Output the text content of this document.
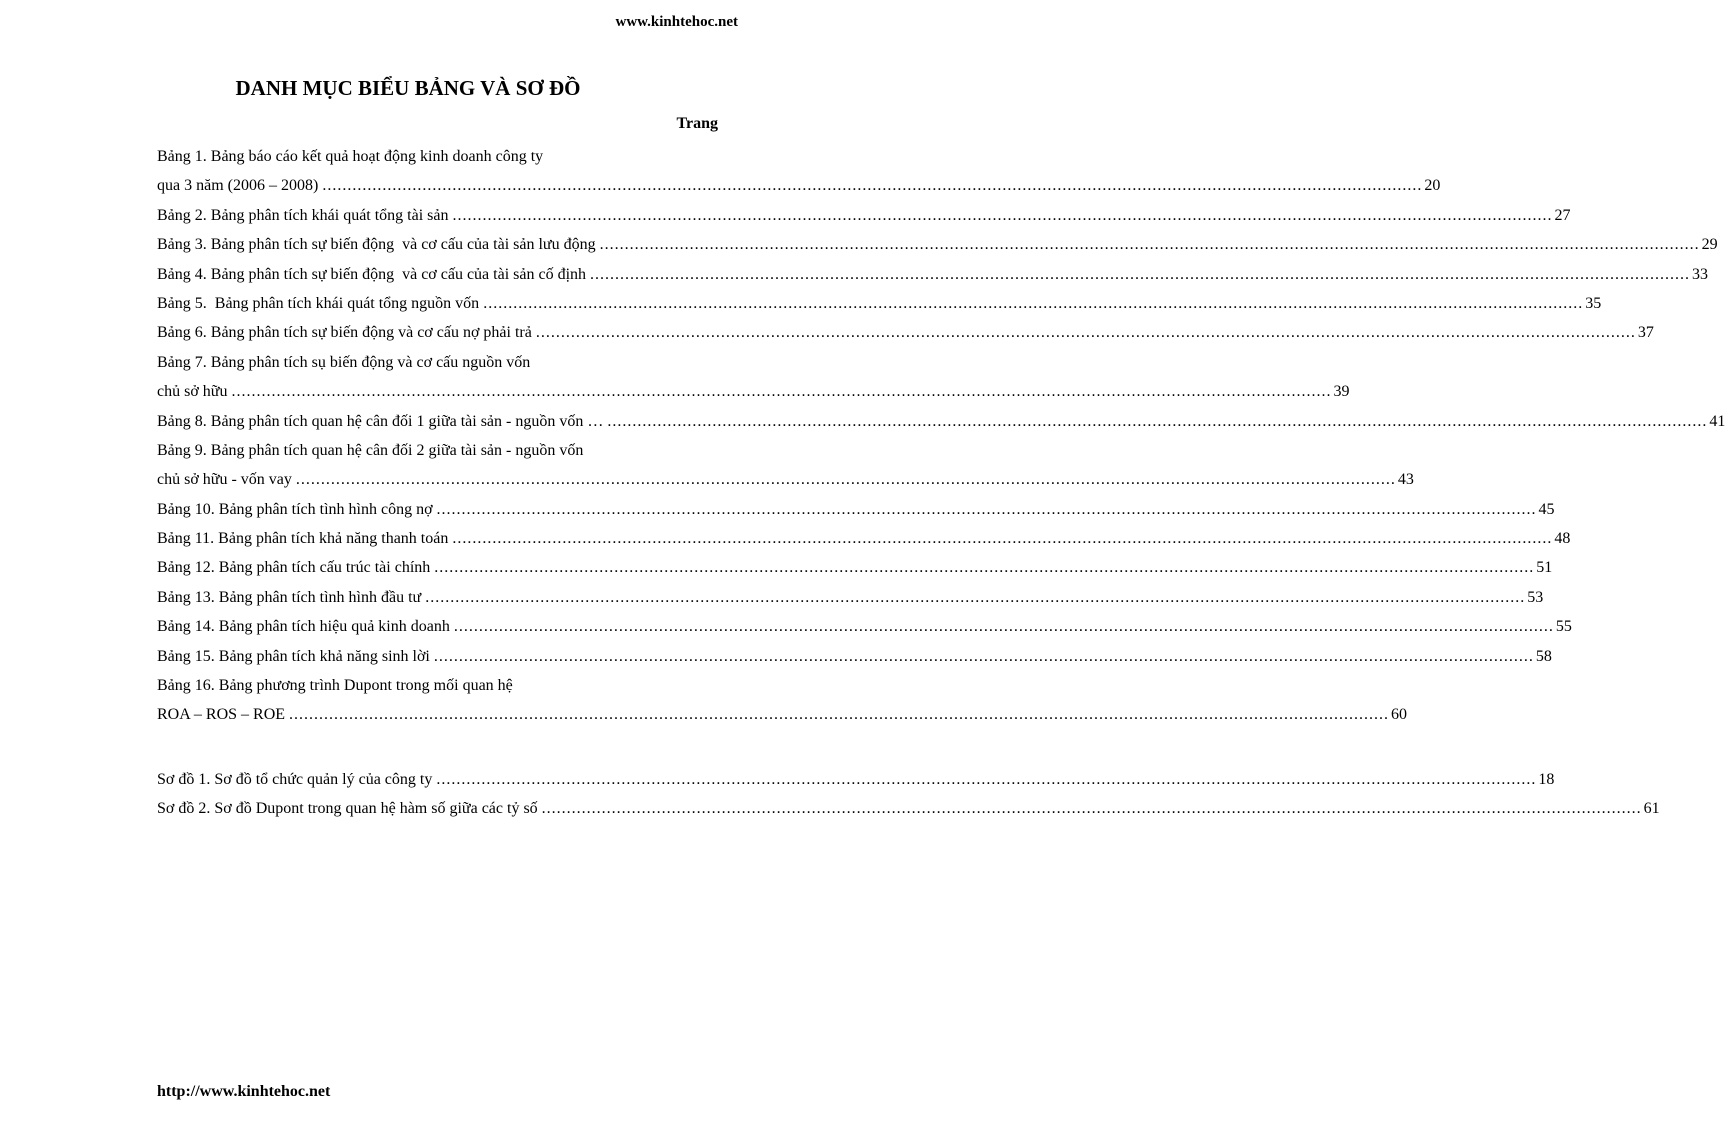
www.kinhtehoc.net
DANH MỤC BIỂU BẢNG VÀ SƠ ĐỒ
Trang
Bảng 1. Bảng báo cáo kết quả hoạt động kinh doanh công ty
qua 3 năm (2006 – 2008) ............................................................................................................................................................................................................................ 20
Bảng 2. Bảng phân tích khái quát tổng tài sản ............................................................................................................................................................................................................................ 27
Bảng 3. Bảng phân tích sự biến động  và cơ cấu của tài sản lưu động ............................................................................................................................................................................................................................ 29
Bảng 4. Bảng phân tích sự biến động  và cơ cấu của tài sản cố định ............................................................................................................................................................................................................................ 33
Bảng 5.  Bảng phân tích khái quát tổng nguồn vốn ............................................................................................................................................................................................................................ 35
Bảng 6. Bảng phân tích sự biến động và cơ cấu nợ phải trả ............................................................................................................................................................................................................................ 37
Bảng 7. Bảng phân tích sụ biến động và cơ cấu nguồn vốn
chủ sở hữu ............................................................................................................................................................................................................................ 39
Bảng 8. Bảng phân tích quan hệ cân đối 1 giữa tài sản - nguồn vốn … ............................................................................................................................................................................................................................ 41
Bảng 9. Bảng phân tích quan hệ cân đối 2 giữa tài sản - nguồn vốn
chủ sở hữu - vốn vay ............................................................................................................................................................................................................................ 43
Bảng 10. Bảng phân tích tình hình công nợ ............................................................................................................................................................................................................................ 45
Bảng 11. Bảng phân tích khả năng thanh toán ............................................................................................................................................................................................................................ 48
Bảng 12. Bảng phân tích cấu trúc tài chính ............................................................................................................................................................................................................................ 51
Bảng 13. Bảng phân tích tình hình đầu tư ............................................................................................................................................................................................................................ 53
Bảng 14. Bảng phân tích hiệu quả kinh doanh ............................................................................................................................................................................................................................ 55
Bảng 15. Bảng phân tích khả năng sinh lời ............................................................................................................................................................................................................................ 58
Bảng 16. Bảng phương trình Dupont trong mối quan hệ
ROA – ROS – ROE ............................................................................................................................................................................................................................ 60
Sơ đồ 1. Sơ đồ tổ chức quản lý của công ty ............................................................................................................................................................................................................................ 18
Sơ đồ 2. Sơ đồ Dupont trong quan hệ hàm số giữa các tỷ số ............................................................................................................................................................................................................................ 61
http://www.kinhtehoc.net
